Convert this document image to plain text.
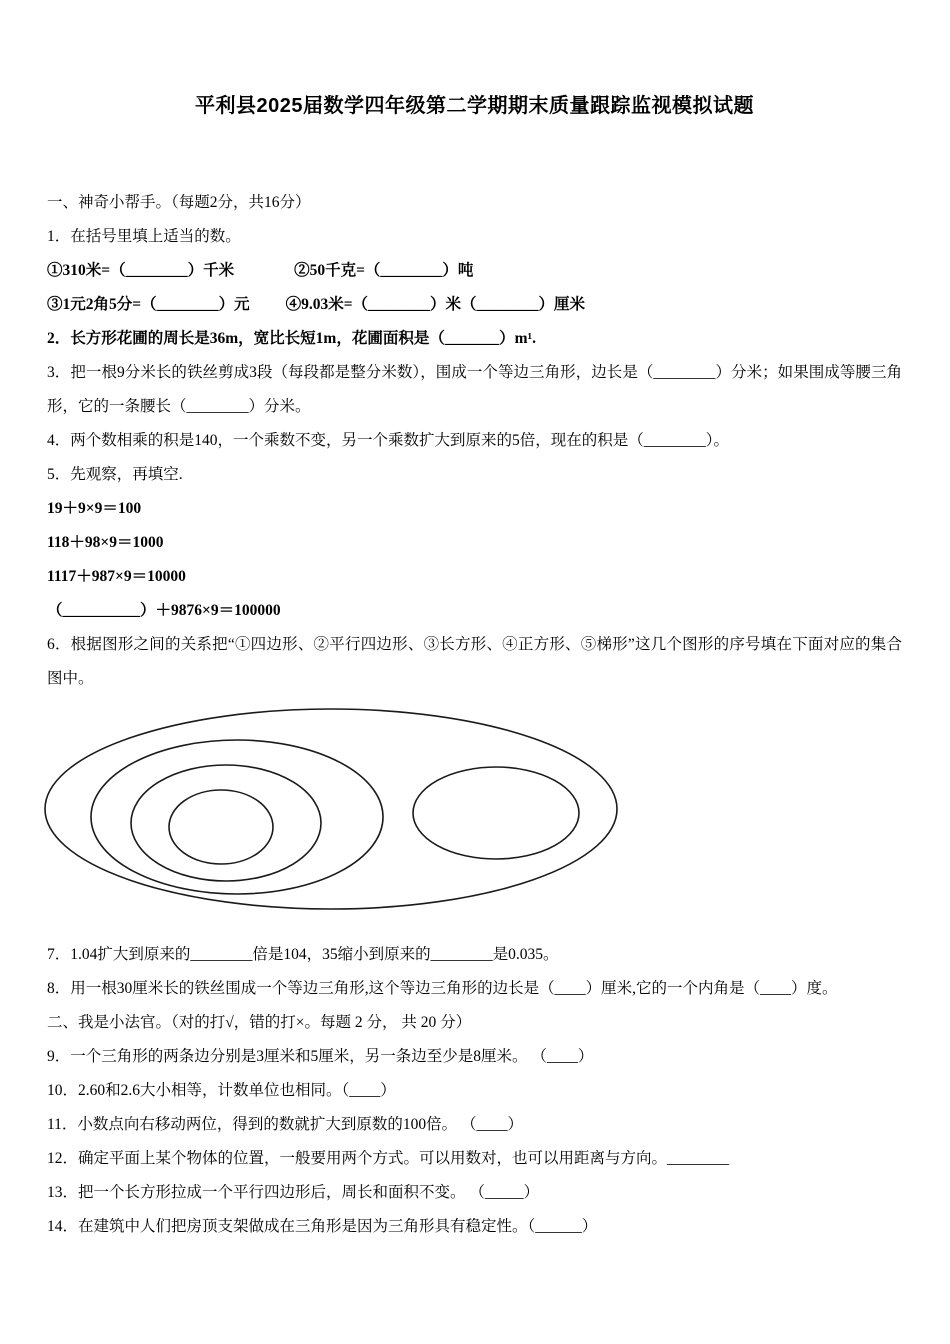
平利县2025届数学四年级第二学期期末质量跟踪监视模拟试题

一、神奇小帮手。（每题2分，共16分）

1．在括号里填上适当的数。

①310米=（________）千米	②50千克=（________）吨

③1元2角5分=（________）元 ④9.03米=（________）米（________）厘米

2．长方形花圃的周长是36m，宽比长短1m，花圃面积是（_______）m¹.

3．把一根9分米长的铁丝剪成3段（每段都是整分米数），围成一个等边三角形，边长是（________）分米；如果围成等腰三角形，它的一条腰长（________）分米。

4．两个数相乘的积是140，一个乘数不变，另一个乘数扩大到原来的5倍，现在的积是（________）。

5．先观察，再填空.

19＋9×9＝100

118＋98×9＝1000

1117＋987×9＝10000

（__________）＋9876×9＝100000

6．根据图形之间的关系把“①四边形、②平行四边形、③长方形、④正方形、⑤梯形”这几个图形的序号填在下面对应的集合图中。

7．1.04扩大到原来的________倍是104，35缩小到原来的________是0.035。

8．用一根30厘米长的铁丝围成一个等边三角形,这个等边三角形的边长是（____）厘米,它的一个内角是（____）度。

二、我是小法官。（对的打√，错的打×。每题 2 分， 共 20 分）

9．一个三角形的两条边分别是3厘米和5厘米，另一条边至少是8厘米。 （____）

10．2.60和2.6大小相等，计数单位也相同。（____）

11．小数点向右移动两位，得到的数就扩大到原数的100倍。 （____）

12．确定平面上某个物体的位置，一般要用两个方式。可以用数对，也可以用距离与方向。________

13．把一个长方形拉成一个平行四边形后，周长和面积不变。 （_____）

14．在建筑中人们把房顶支架做成在三角形是因为三角形具有稳定性。（______）
